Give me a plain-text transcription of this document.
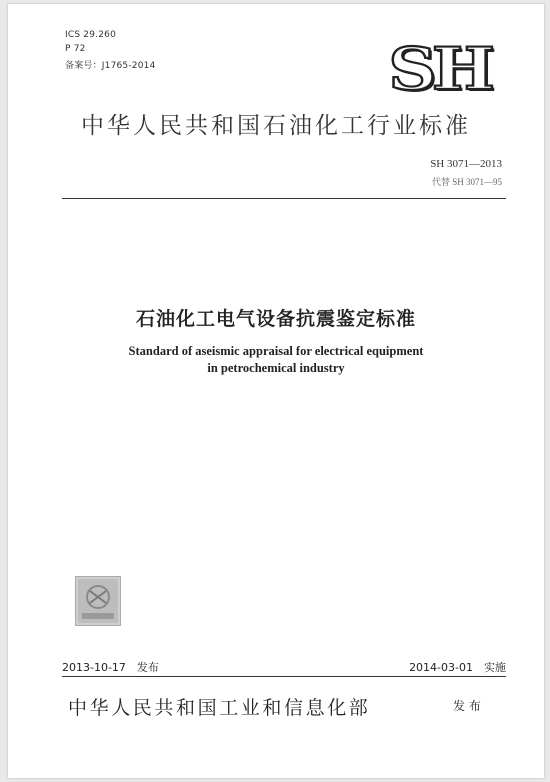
ICS 29.260
P 72
备案号：J1765-2014	SH
中华人民共和国石油化工行业标准
SH 3071—2013
代替 SH 3071—95
石油化工电气设备抗震鉴定标准
Standard of aseismic appraisal for electrical equipment
in petrochemical industry
2013-10-17　发布	2014-03-01　实施
中华人民共和国工业和信息化部	发 布
